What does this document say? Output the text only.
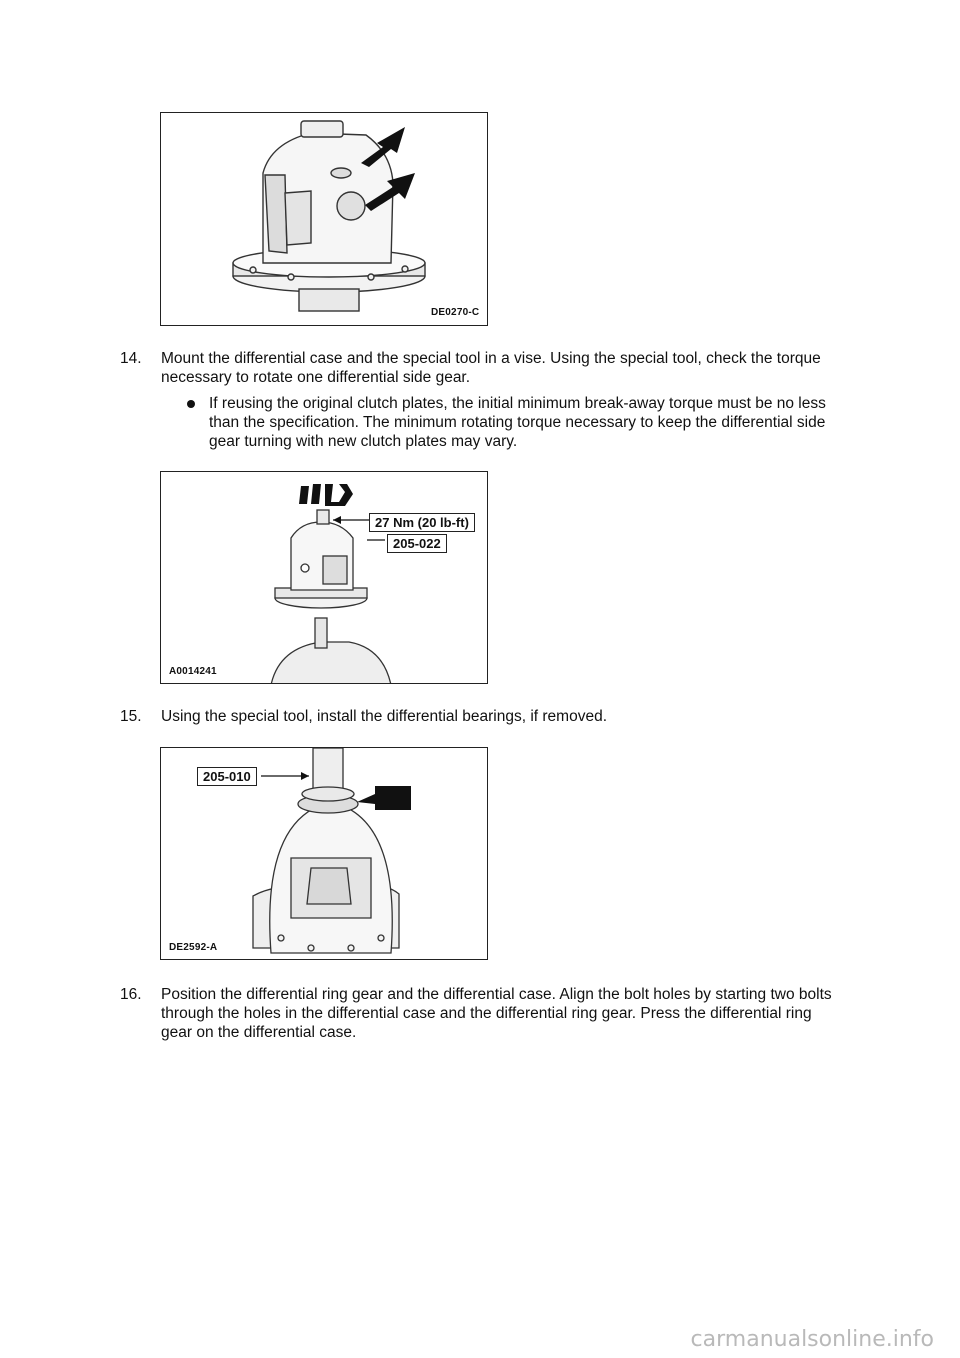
DE0270-C
14. Mount the differential case and the special tool in a vise. Using the special tool, check the torque necessary to rotate one differential side gear.
If reusing the original clutch plates, the initial minimum break-away torque must be no less than the specification. The minimum rotating torque necessary to keep the differential side gear turning with new clutch plates may vary.
27 Nm (20 lb-ft)
205-022
A0014241
15. Using the special tool, install the differential bearings, if removed.
205-010
DE2592-A
16. Position the differential ring gear and the differential case. Align the bolt holes by starting two bolts through the holes in the differential case and the differential ring gear. Press the differential ring gear on the differential case.
carmanualsonline.info
